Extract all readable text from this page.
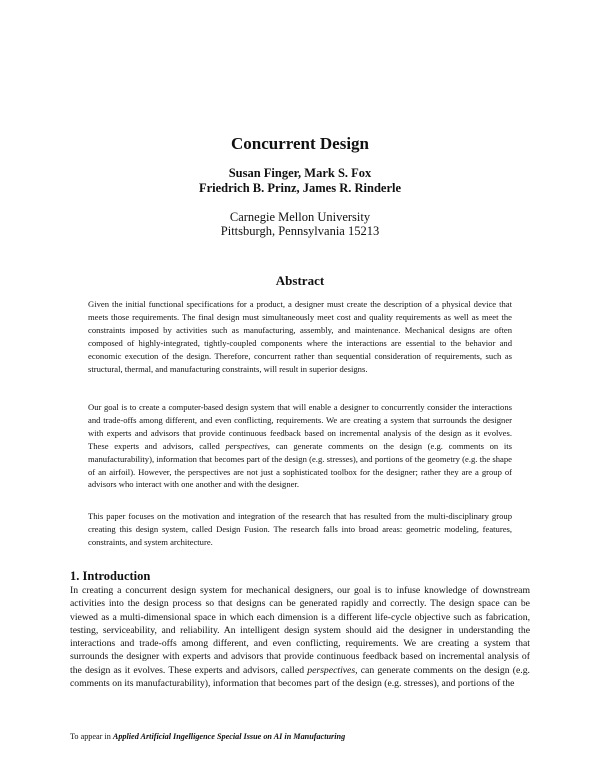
Concurrent Design
Susan Finger, Mark S. Fox
Friedrich B. Prinz, James R. Rinderle
Carnegie Mellon University
Pittsburgh, Pennsylvania 15213
Abstract

Given the initial functional specifications for a product, a designer must create the description of a physical device that meets those requirements. The final design must simultaneously meet cost and quality requirements as well as meet the constraints imposed by activities such as manufacturing, assembly, and maintenance. Mechanical designs are often composed of highly-integrated, tightly-coupled components where the interactions are essential to the behavior and economic execution of the design. Therefore, concurrent rather than sequential consideration of requirements, such as structural, thermal, and manufacturing constraints, will result in superior designs.

Our goal is to create a computer-based design system that will enable a designer to concurrently consider the interactions and trade-offs among different, and even conflicting, requirements. We are creating a system that surrounds the designer with experts and advisors that provide continuous feedback based on incremental analysis of the design as it evolves. These experts and advisors, called perspectives, can generate comments on the design (e.g. comments on its manufacturability), information that becomes part of the design (e.g. stresses), and portions of the geometry (e.g. the shape of an airfoil). However, the perspectives are not just a sophisticated toolbox for the designer; rather they are a group of advisors who interact with one another and with the designer.

This paper focuses on the motivation and integration of the research that has resulted from the multi-disciplinary group creating this design system, called Design Fusion. The research falls into broad areas: geometric modeling, features, constraints, and system architecture.

1. Introduction

In creating a concurrent design system for mechanical designers, our goal is to infuse knowledge of downstream activities into the design process so that designs can be generated rapidly and correctly. The design space can be viewed as a multi-dimensional space in which each dimension is a different life-cycle objective such as fabrication, testing, serviceability, and reliability. An intelligent design system should aid the designer in understanding the interactions and trade-offs among different, and even conflicting, requirements. We are creating a system that surrounds the designer with experts and advisors that provide continuous feedback based on incremental analysis of the design as it evolves. These experts and advisors, called perspectives, can generate comments on the design (e.g. comments on its manufacturability), information that becomes part of the design (e.g. stresses), and portions of the

To appear in Applied Artificial Ingelligence Special Issue on AI in Manufacturing
